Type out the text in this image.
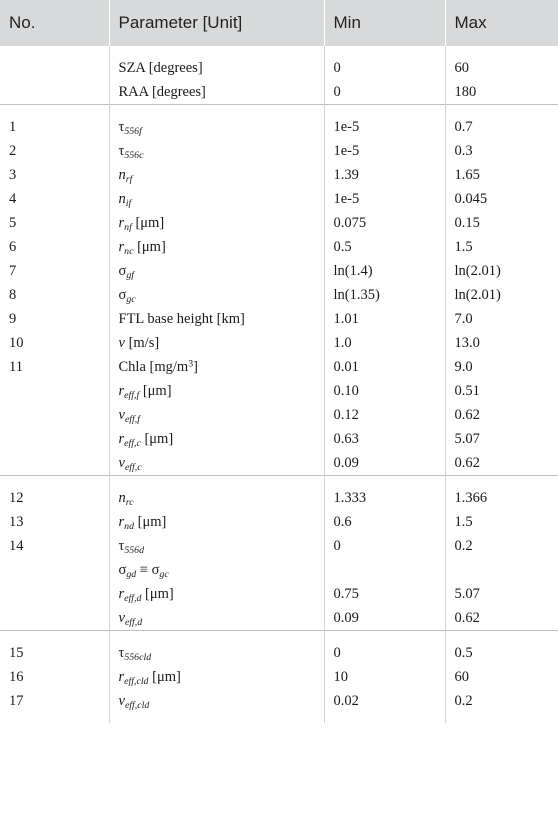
No.	Parameter [Unit]	Min	Max

	SZA [degrees]	0	60
	RAA [degrees]	0	180

1	$\tau_{556f}$	1e-5	0.7
2	$\tau_{556c}$	1e-5	0.3
3	$n_{rf}$	1.39	1.65
4	$n_{if}$	1e-5	0.045
5	$r_{nf}$ [μm]	0.075	0.15
6	$r_{nc}$ [μm]	0.5	1.5
7	$\sigma_{gf}$	ln(1.4)	ln(2.01)
8	$\sigma_{gc}$	ln(1.35)	ln(2.01)
9	FTL base height [km]	1.01	7.0
10	v [m/s]	1.0	13.0
11	Chla $[mg/m^3]$	0.01	9.0
	$r_{eff,f}$ [μm]	0.10	0.51
	$v_{eff,f}$	0.12	0.62
	$r_{eff,c}$ [μm]	0.63	5.07
	$v_{eff,c}$	0.09	0.62

12	$n_{rc}$	1.333	1.366
13	$r_{nd}$ [μm]	0.6	1.5
14	$\tau_{556d}$	0	0.2
	$\sigma_{gd} \equiv \sigma_{gc}$		
	$r_{eff,d}$ [μm]	0.75	5.07
	$v_{eff,d}$	0.09	0.62

15	$\tau_{556cld}$	0	0.5
16	$r_{eff,cld}$ [μm]	10	60
17	$v_{eff,cld}$	0.02	0.2
